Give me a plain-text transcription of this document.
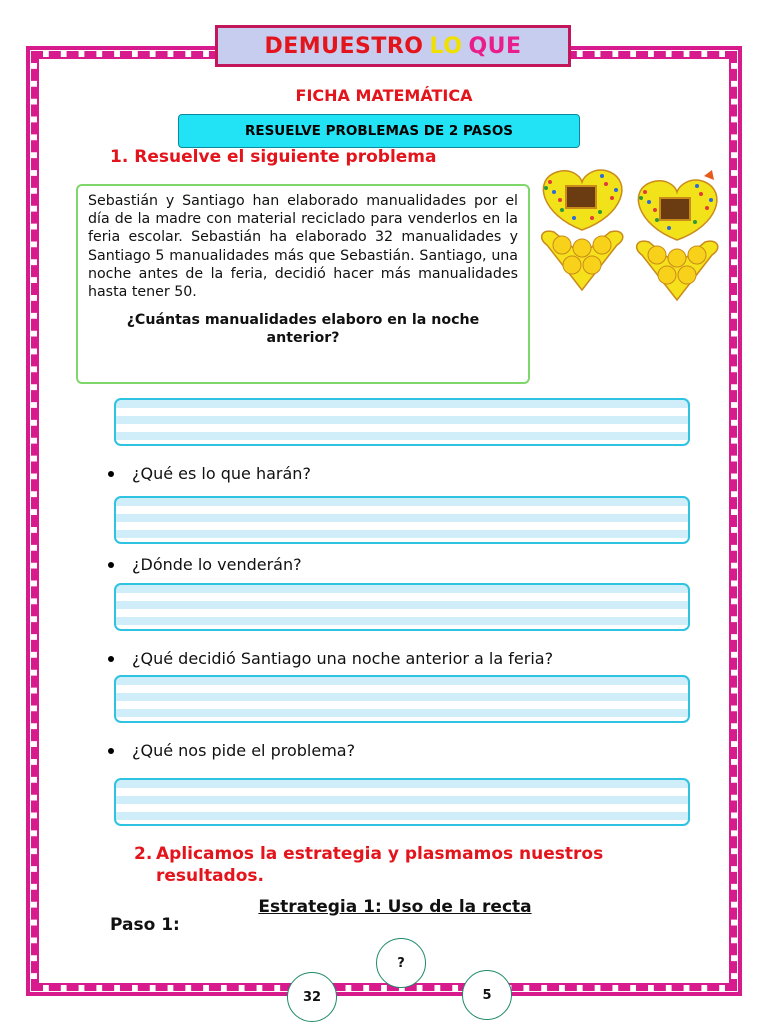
DEMUESTRO LO QUE
FICHA MATEMÁTICA
RESUELVE PROBLEMAS DE 2 PASOS
1. Resuelve el siguiente problema

Sebastián y Santiago han elaborado manualidades por el día de la madre con material reciclado para venderlos en la feria escolar. Sebastián ha elaborado 32 manualidades y Santiago 5 manualidades más que Sebastián. Santiago, una noche antes de la feria, decidió hacer más manualidades hasta tener 50.

¿Cuántas manualidades elaboro en la noche anterior?
¿Qué es lo que harán?
¿Dónde lo venderán?
¿Qué decidió Santiago una noche anterior a la feria?
¿Qué nos pide el problema?
2. Aplicamos la estrategia y plasmamos nuestros resultados.
Estrategia 1: Uso de la recta
Paso 1:
?
32	5
